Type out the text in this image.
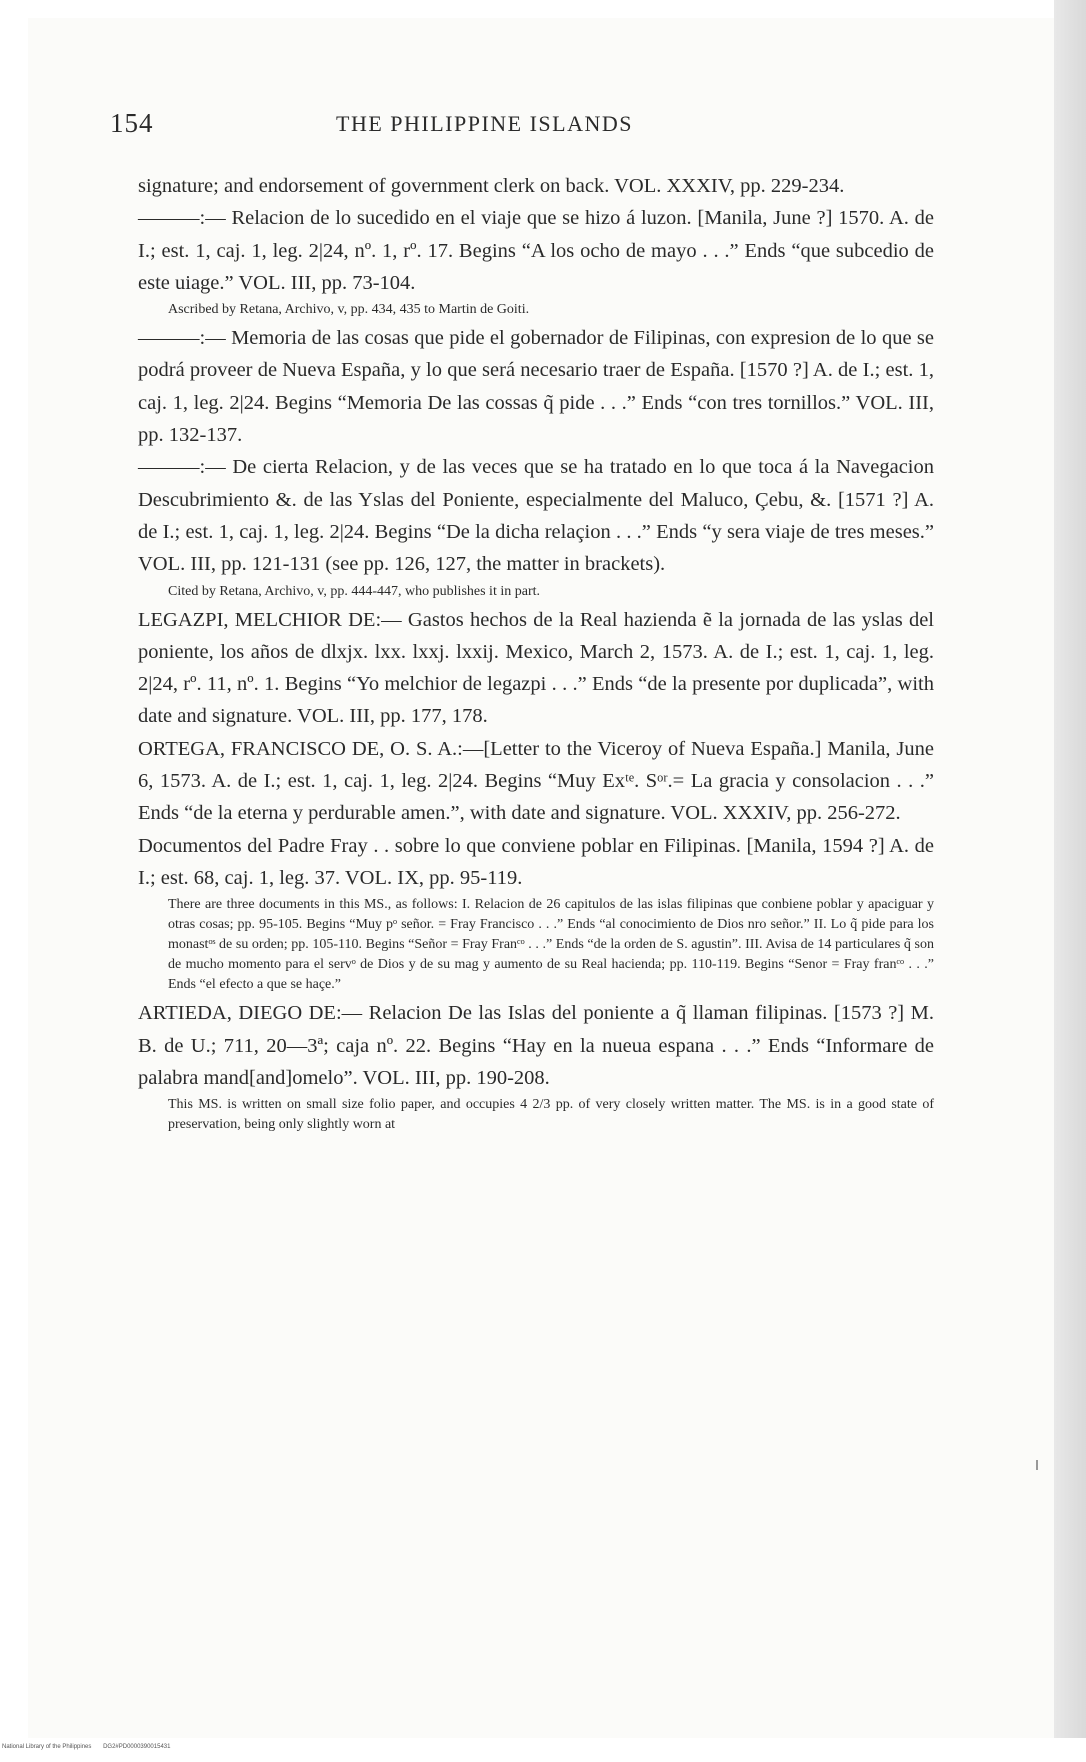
154	THE PHILIPPINE ISLANDS
signature; and endorsement of government clerk on back. VOL. XXXIV, pp. 229-234.
———:— Relacion de lo sucedido en el viaje que se hizo á luzon. [Manila, June ?] 1570. A. de I.; est. 1, caj. 1, leg. 2|24, nº. 1, rº. 17. Begins “A los ocho de mayo . . .” Ends “que subcedio de este uiage.” VOL. III, pp. 73-104.
Ascribed by Retana, Archivo, v, pp. 434, 435 to Martin de Goiti.
———:— Memoria de las cosas que pide el gobernador de Filipinas, con expresion de lo que se podrá proveer de Nueva España, y lo que será necesario traer de España. [1570 ?] A. de I.; est. 1, caj. 1, leg. 2|24. Begins “Memoria De las cossas q̃ pide . . .” Ends “con tres tornillos.” VOL. III, pp. 132-137.
———:— De cierta Relacion, y de las veces que se ha tratado en lo que toca á la Navegacion Descubrimiento &. de las Yslas del Poniente, especialmente del Maluco, Çebu, &. [1571 ?] A. de I.; est. 1, caj. 1, leg. 2|24. Begins “De la dicha relaçion . . .” Ends “y sera viaje de tres meses.” VOL. III, pp. 121-131 (see pp. 126, 127, the matter in brackets).
Cited by Retana, Archivo, v, pp. 444-447, who publishes it in part.
LEGAZPI, MELCHIOR DE:— Gastos hechos de la Real hazienda ẽ la jornada de las yslas del poniente, los años de dlxjx. lxx. lxxj. lxxij. Mexico, March 2, 1573. A. de I.; est. 1, caj. 1, leg. 2|24, rº. 11, nº. 1. Begins “Yo melchior de legazpi . . .” Ends “de la presente por duplicada”, with date and signature. VOL. III, pp. 177, 178.
ORTEGA, FRANCISCO DE, O. S. A.:—[Letter to the Viceroy of Nueva España.] Manila, June 6, 1573. A. de I.; est. 1, caj. 1, leg. 2|24. Begins “Muy Exᵗᵉ. Sᵒʳ.= La gracia y consolacion . . .” Ends “de la eterna y perdurable amen.”, with date and signature. VOL. XXXIV, pp. 256-272.
Documentos del Padre Fray . . sobre lo que conviene poblar en Filipinas. [Manila, 1594 ?] A. de I.; est. 68, caj. 1, leg. 37. VOL. IX, pp. 95-119.
There are three documents in this MS., as follows: I. Relacion de 26 capitulos de las islas filipinas que conbiene poblar y apaciguar y otras cosas; pp. 95-105. Begins “Muy pᵒ señor. = Fray Francisco . . .” Ends “al conocimiento de Dios nro señor.” II. Lo q̃ pide para los monastᵒˢ de su orden; pp. 105-110. Begins “Señor = Fray Franᶜᵒ . . .” Ends “de la orden de S. agustin”. III. Avisa de 14 particulares q̃ son de mucho momento para el servᵒ de Dios y de su mag y aumento de su Real hacienda; pp. 110-119. Begins “Senor = Fray franᶜᵒ . . .” Ends “el efecto a que se haçe.”
ARTIEDA, DIEGO DE:— Relacion De las Islas del poniente a q̃ llaman filipinas. [1573 ?] M. B. de U.; 711, 20—3ª; caja nº. 22. Begins “Hay en la nueua espana . . .” Ends “Informare de palabra mand[and]omelo”. VOL. III, pp. 190-208.
This MS. is written on small size folio paper, and occupies 4 2/3 pp. of very closely written matter. The MS. is in a good state of preservation, being only slightly worn at
National Library of the Philippines DG2#PD0000390015431
